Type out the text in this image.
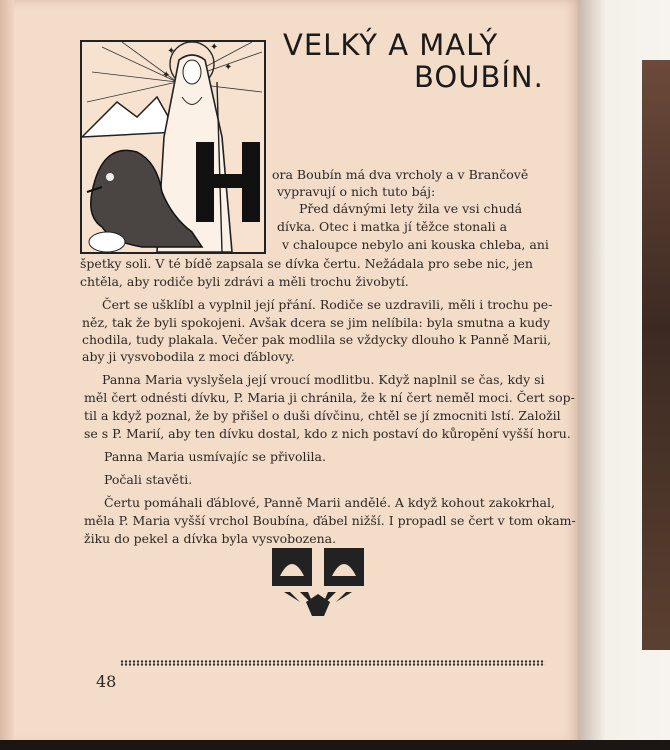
✦	✦
✦
✦
VELKÝ A MALÝ
BOUBÍN.
ora Boubín má dva vrcholy a v Brančově
vypravují o nich tuto báj:
Před dávnými lety žila ve vsi chudá
dívka. Otec i matka jí těžce stonali a
v chaloupce nebylo ani kouska chleba, ani
špetky soli. V té bídě zapsala se dívka čertu. Nežádala pro sebe nic, jen
chtěla, aby rodiče byli zdrávi a měli trochu živobytí.
Čert se ušklíbl a vyplnil její přání. Rodiče se uzdravili, měli i trochu pe-
něz, tak že byli spokojeni. Avšak dcera se jim nelíbila: byla smutna a kudy
chodila, tudy plakala. Večer pak modlila se vždycky dlouho k Panně Marii,
aby ji vysvobodila z moci ďáblovy.
Panna Maria vyslyšela její vroucí modlitbu. Když naplnil se čas, kdy si
měl čert odnésti dívku, P. Maria ji chránila, že k ní čert neměl moci. Čert sop-
til a když poznal, že by přišel o duši dívčinu, chtěl se jí zmocniti lstí. Založil
se s P. Marií, aby ten dívku dostal, kdo z nich postaví do kůropění vyšší horu.
Panna Maria usmívajíc se přivolila.
Počali stavěti.
Čertu pomáhali ďáblové, Panně Marii andělé. A když kohout zakokrhal,
měla P. Maria vyšší vrchol Boubína, ďábel nižší. I propadl se čert v tom okam-
žiku do pekel a dívka byla vysvobozena.
48
